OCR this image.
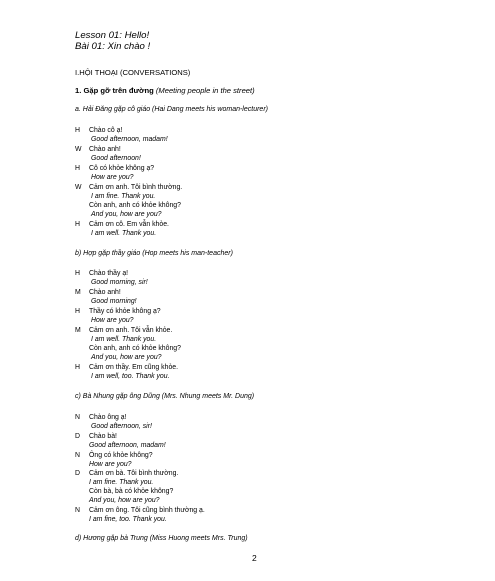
Lesson 01: Hello!
Bài 01: Xin chào !
I.HỘI THOẠI (CONVERSATIONS)
1. Gặp gỡ trên đường (Meeting people in the street)
a. Hải Đăng gặp cô giáo (Hai Dang meets his woman-lecturer)
H Chào cô ạ!
Good afternoon, madam!
W Chào anh!
Good afternoon!
H Cô có khỏe không ạ?
How are you?
W Cảm ơn anh. Tôi bình thường.
I am fine. Thank you.
Còn anh, anh có khỏe không?
And you, how are you?
H Cảm ơn cô. Em vẫn khỏe.
I am well. Thank you.
b) Hợp gặp thầy giáo (Hop meets his man-teacher)
H Chào thầy ạ!
Good morning, sir!
M Chào anh!
Good morning!
H Thầy có khỏe không ạ?
How are you?
M Cảm ơn anh. Tôi vẫn khỏe.
I am well. Thank you.
Còn anh, anh có khỏe không?
And you, how are you?
H Cảm ơn thầy. Em cũng khỏe.
I am well, too. Thank you.
c) Bà Nhung gặp ông Dũng (Mrs. Nhung meets Mr. Dung)
N Chào ông ạ!
Good afternoon, sir!
D Chào bà!
Good afternoon, madam!
N Ông có khỏe không?
How are you?
D Cảm ơn bà. Tôi bình thường.
I am fine. Thank you.
Còn bà, bà có khỏe không?
And you, how are you?
N Cảm ơn ông. Tôi cũng bình thường ạ.
I am fine, too. Thank you.
d) Hương gặp bà Trung (Miss Huong meets Mrs. Trung)
2
